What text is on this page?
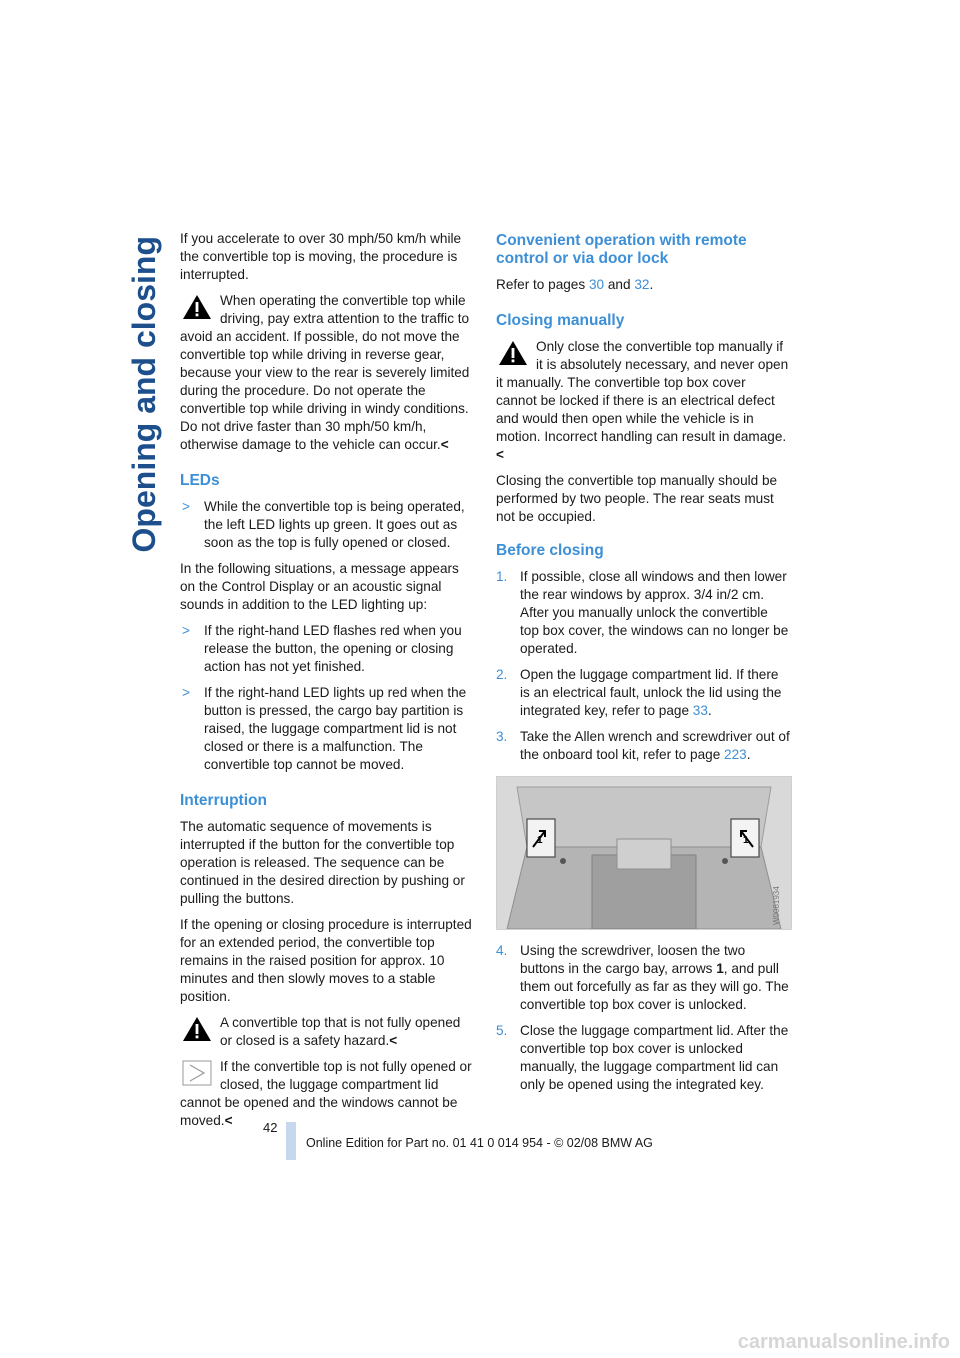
Opening and closing If you accelerate to over 30 mph/50 km/h while the convertible top is moving, the procedure is interrupted.

When operating the convertible top while driving, pay extra attention to the traffic to avoid an accident. If possible, do not move the convertible top while driving in reverse gear, because your view to the rear is severely limited during the procedure. Do not operate the convertible top while driving in windy conditions. Do not drive faster than 30 mph/50 km/h, otherwise damage to the vehicle can occur.<
LEDs
> While the convertible top is being operated, the left LED lights up green. It goes out as soon as the top is fully opened or closed.

In the following situations, a message appears on the Control Display or an acoustic signal sounds in addition to the LED lighting up:

> If the right-hand LED flashes red when you release the button, the opening or closing action has not yet finished.
> If the right-hand LED lights up red when the button is pressed, the cargo bay partition is raised, the luggage compartment lid is not closed or there is a malfunction. The convertible top cannot be moved.
Interruption

The automatic sequence of movements is interrupted if the button for the convertible top operation is released. The sequence can be continued in the desired direction by pushing or pulling the buttons.

If the opening or closing procedure is interrupted for an extended period, the convertible top remains in the raised position for approx. 10 minutes and then slowly moves to a stable position.

A convertible top that is not fully opened or closed is a safety hazard.<
If the convertible top is not fully opened or closed, the luggage compartment lid cannot be opened and the windows cannot be moved.<
Convenient operation with remote control or via door lock

Refer to pages 30 and 32.

Closing manually
Only close the convertible top manually if it is absolutely necessary, and never open it manually. The convertible top box cover cannot be locked if there is an electrical defect and would then open while the vehicle is in motion. Incorrect handling can result in damage.<

Closing the convertible top manually should be performed by two people. The rear seats must not be occupied.

Before closing
1. If possible, close all windows and then lower the rear windows by approx. 3/4 in/2 cm. After you manually unlock the convertible top box cover, the windows can no longer be operated.
2. Open the luggage compartment lid. If there is an electrical fault, unlock the lid using the integrated key, refer to page 33.
3. Take the Allen wrench and screwdriver out of the onboard tool kit, refer to page 223.
W0081934
1	1
4. Using the screwdriver, loosen the two buttons in the cargo bay, arrows 1, and pull them out forcefully as far as they will go. The convertible top box cover is unlocked.
5. Close the luggage compartment lid. After the convertible top box cover is unlocked manually, the luggage compartment lid can only be opened using the integrated key.
42
Online Edition for Part no. 01 41 0 014 954 - © 02/08 BMW AG
carmanualsonline.info
